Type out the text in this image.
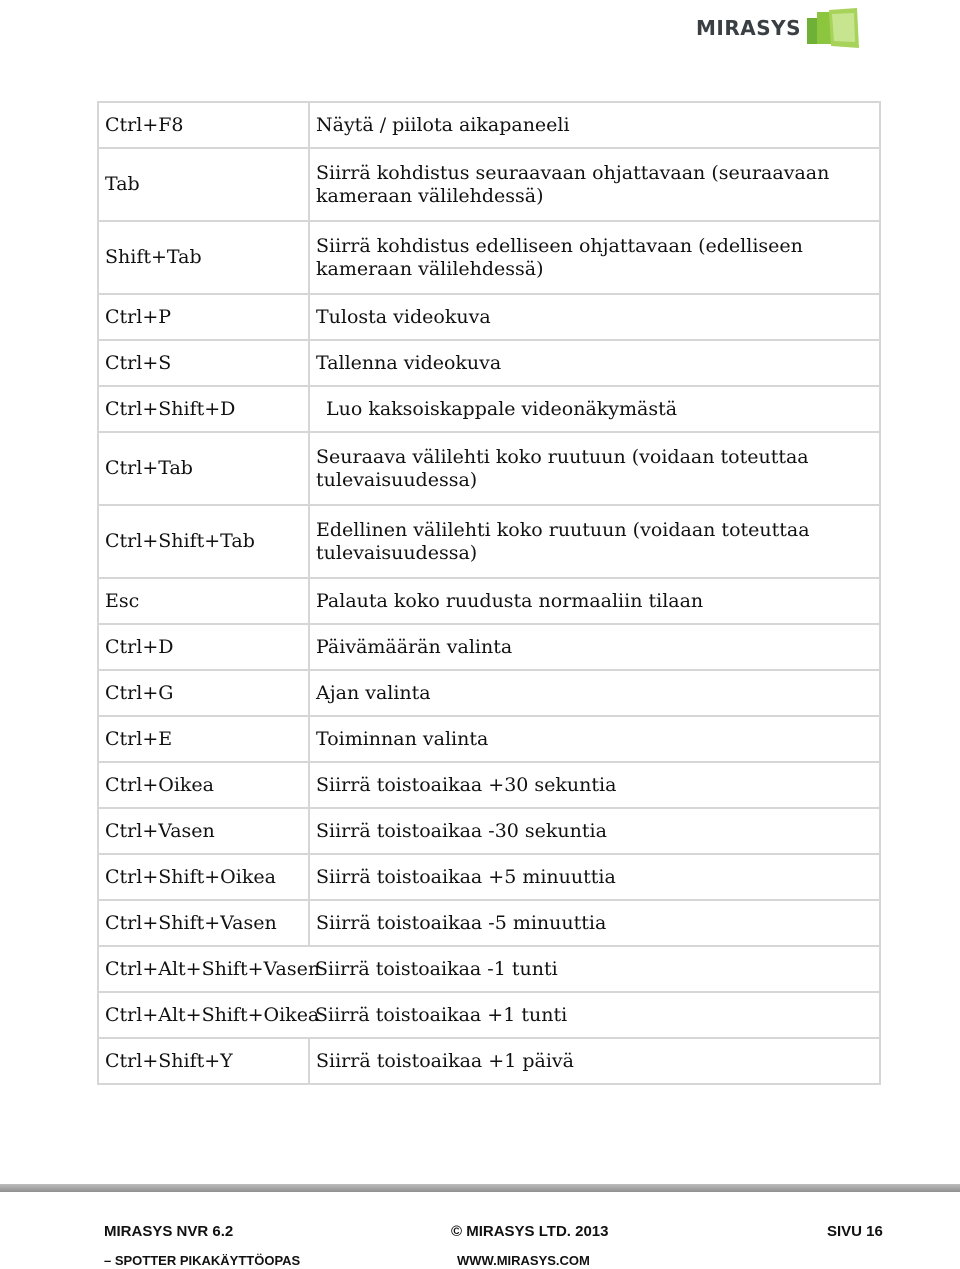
MIRASYS
Ctrl+F8	Näytä / piilota aikapaneeli
Tab	Siirrä kohdistus seuraavaan ohjattavaan (seuraavaan kameraan välilehdessä)
Shift+Tab	Siirrä kohdistus edelliseen ohjattavaan (edelliseen kameraan välilehdessä)
Ctrl+P	Tulosta videokuva
Ctrl+S	Tallenna videokuva
Ctrl+Shift+D	Luo kaksoiskappale videonäkymästä
Ctrl+Tab	Seuraava välilehti koko ruutuun (voidaan toteuttaa tulevaisuudessa)
Ctrl+Shift+Tab	Edellinen välilehti koko ruutuun (voidaan toteuttaa tulevaisuudessa)
Esc	Palauta koko ruudusta normaaliin tilaan
Ctrl+D	Päivämäärän valinta
Ctrl+G	Ajan valinta
Ctrl+E	Toiminnan valinta
Ctrl+Oikea	Siirrä toistoaikaa +30 sekuntia
Ctrl+Vasen	Siirrä toistoaikaa -30 sekuntia
Ctrl+Shift+Oikea	Siirrä toistoaikaa +5 minuuttia
Ctrl+Shift+Vasen	Siirrä toistoaikaa -5 minuuttia
Ctrl+Alt+Shift+Vasen	Siirrä toistoaikaa -1 tunti
Ctrl+Alt+Shift+Oikea	Siirrä toistoaikaa +1 tunti
Ctrl+Shift+Y	Siirrä toistoaikaa +1 päivä
MIRASYS NVR 6.2	© MIRASYS LTD. 2013	SIVU 16
– SPOTTER PIKAKÄYTTÖOPAS	WWW.MIRASYS.COM
